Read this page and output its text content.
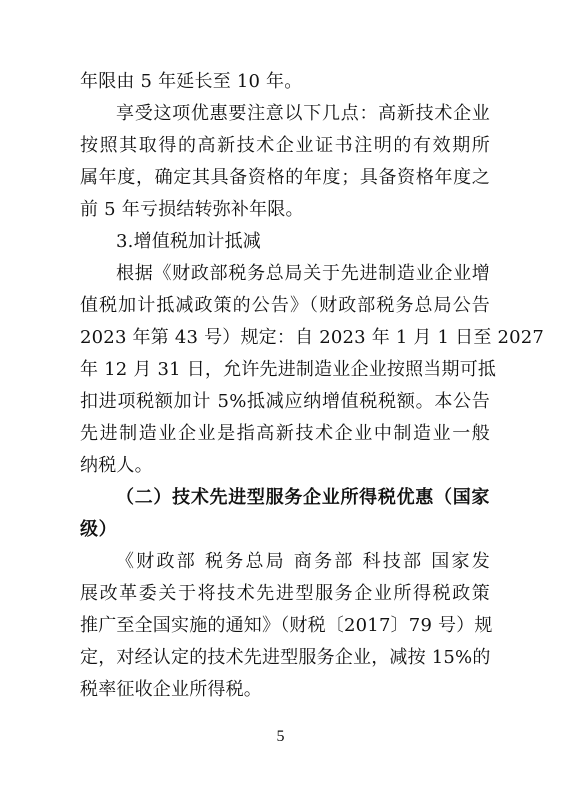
年限由 5 年延长至 10 年。
享受这项优惠要注意以下几点：高新技术企业
按照其取得的高新技术企业证书注明的有效期所
属年度，确定其具备资格的年度；具备资格年度之
前 5 年亏损结转弥补年限。
3.增值税加计抵减
根据《财政部税务总局关于先进制造业企业增
值税加计抵减政策的公告》（财政部税务总局公告
2023 年第 43 号）规定：自 2023 年 1 月 1 日至 2027
年 12 月 31 日，允许先进制造业企业按照当期可抵
扣进项税额加计 5%抵减应纳增值税税额。本公告
先进制造业企业是指高新技术企业中制造业一般
纳税人。
（二）技术先进型服务企业所得税优惠（国家
级）
《财政部 税务总局 商务部 科技部 国家发
展改革委关于将技术先进型服务企业所得税政策
推广至全国实施的通知》（财税〔2017〕79 号）规
定，对经认定的技术先进型服务企业，减按 15%的
税率征收企业所得税。
5
